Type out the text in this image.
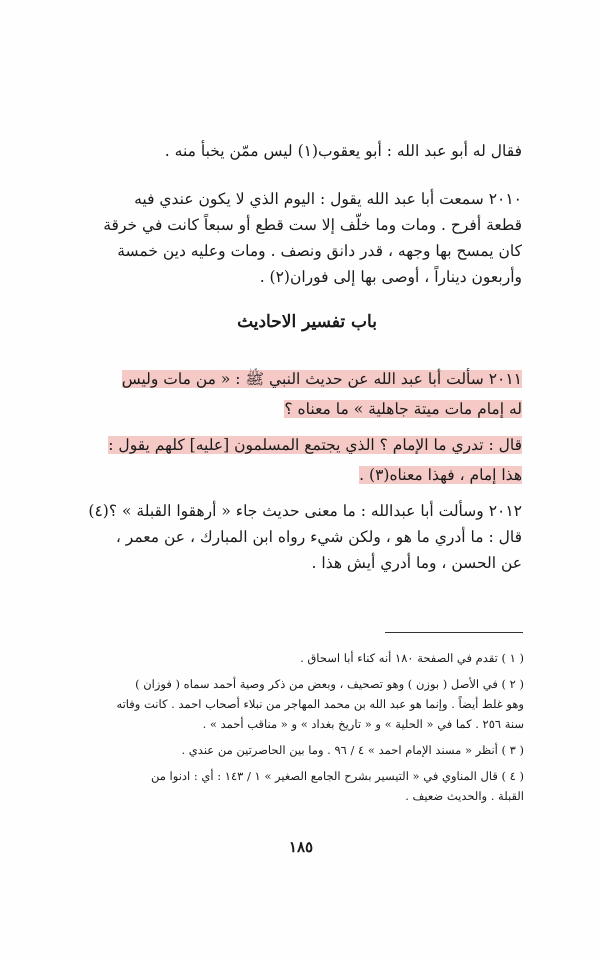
فقال له أبو عبد الله : أبو يعقوب(١) ليس ممّن يخبأ منه .
٢٠١٠ سمعت أبا عبد الله يقول : اليوم الذي لا يكون عندي فيه
قطعة أفرح . ومات وما خلّف إلا ست قطع أو سبعاً كانت في خرقة
كان يمسح بها وجهه ، قدر دانق ونصف . ومات وعليه دين خمسة
وأربعون ديناراً ، أوصى بها إلى فوران(٢) .
باب تفسير الاحاديث
٢٠١١ سألت أبا عبد الله عن حديث النبي ﷺ : « من مات وليس
له إمام مات ميتة جاهلية » ما معناه ؟
قال : تدري ما الإمام ؟ الذي يجتمع المسلمون [عليه] كلهم يقول :
هذا إمام ، فهذا معناه(٣) .
٢٠١٢ وسألت أبا عبدالله : ما معنى حديث جاء « أرهقوا القبلة » ؟(٤)
قال : ما أدري ما هو ، ولكن شيء رواه ابن المبارك ، عن معمر ،
عن الحسن ، وما أدري أيش هذا .
( ١ ) تقدم في الصفحة ١٨٠ أنه كناء أبا اسحاق .
( ٢ ) في الأصل ( بوزن ) وهو تصحيف ، وبعض من ذكر وصية أحمد سماه ( فوزان )
وهو غلط أيضاً . وإنما هو عبد الله بن محمد المهاجر من نبلاء أصحاب احمد . كانت وفاته
سنة ٢٥٦ . كما في « الحلية » و « تاريخ بغداد » و « مناقب أحمد » .
( ٣ ) أنظر « مسند الإمام احمد » ٤ / ٩٦ . وما بين الحاصرتين من عندي .
( ٤ ) قال المناوي في « التيسير بشرح الجامع الصغير » ١ / ١٤٣ : أي : ادنوا من
القبلة . والحديث ضعيف .
١٨٥
